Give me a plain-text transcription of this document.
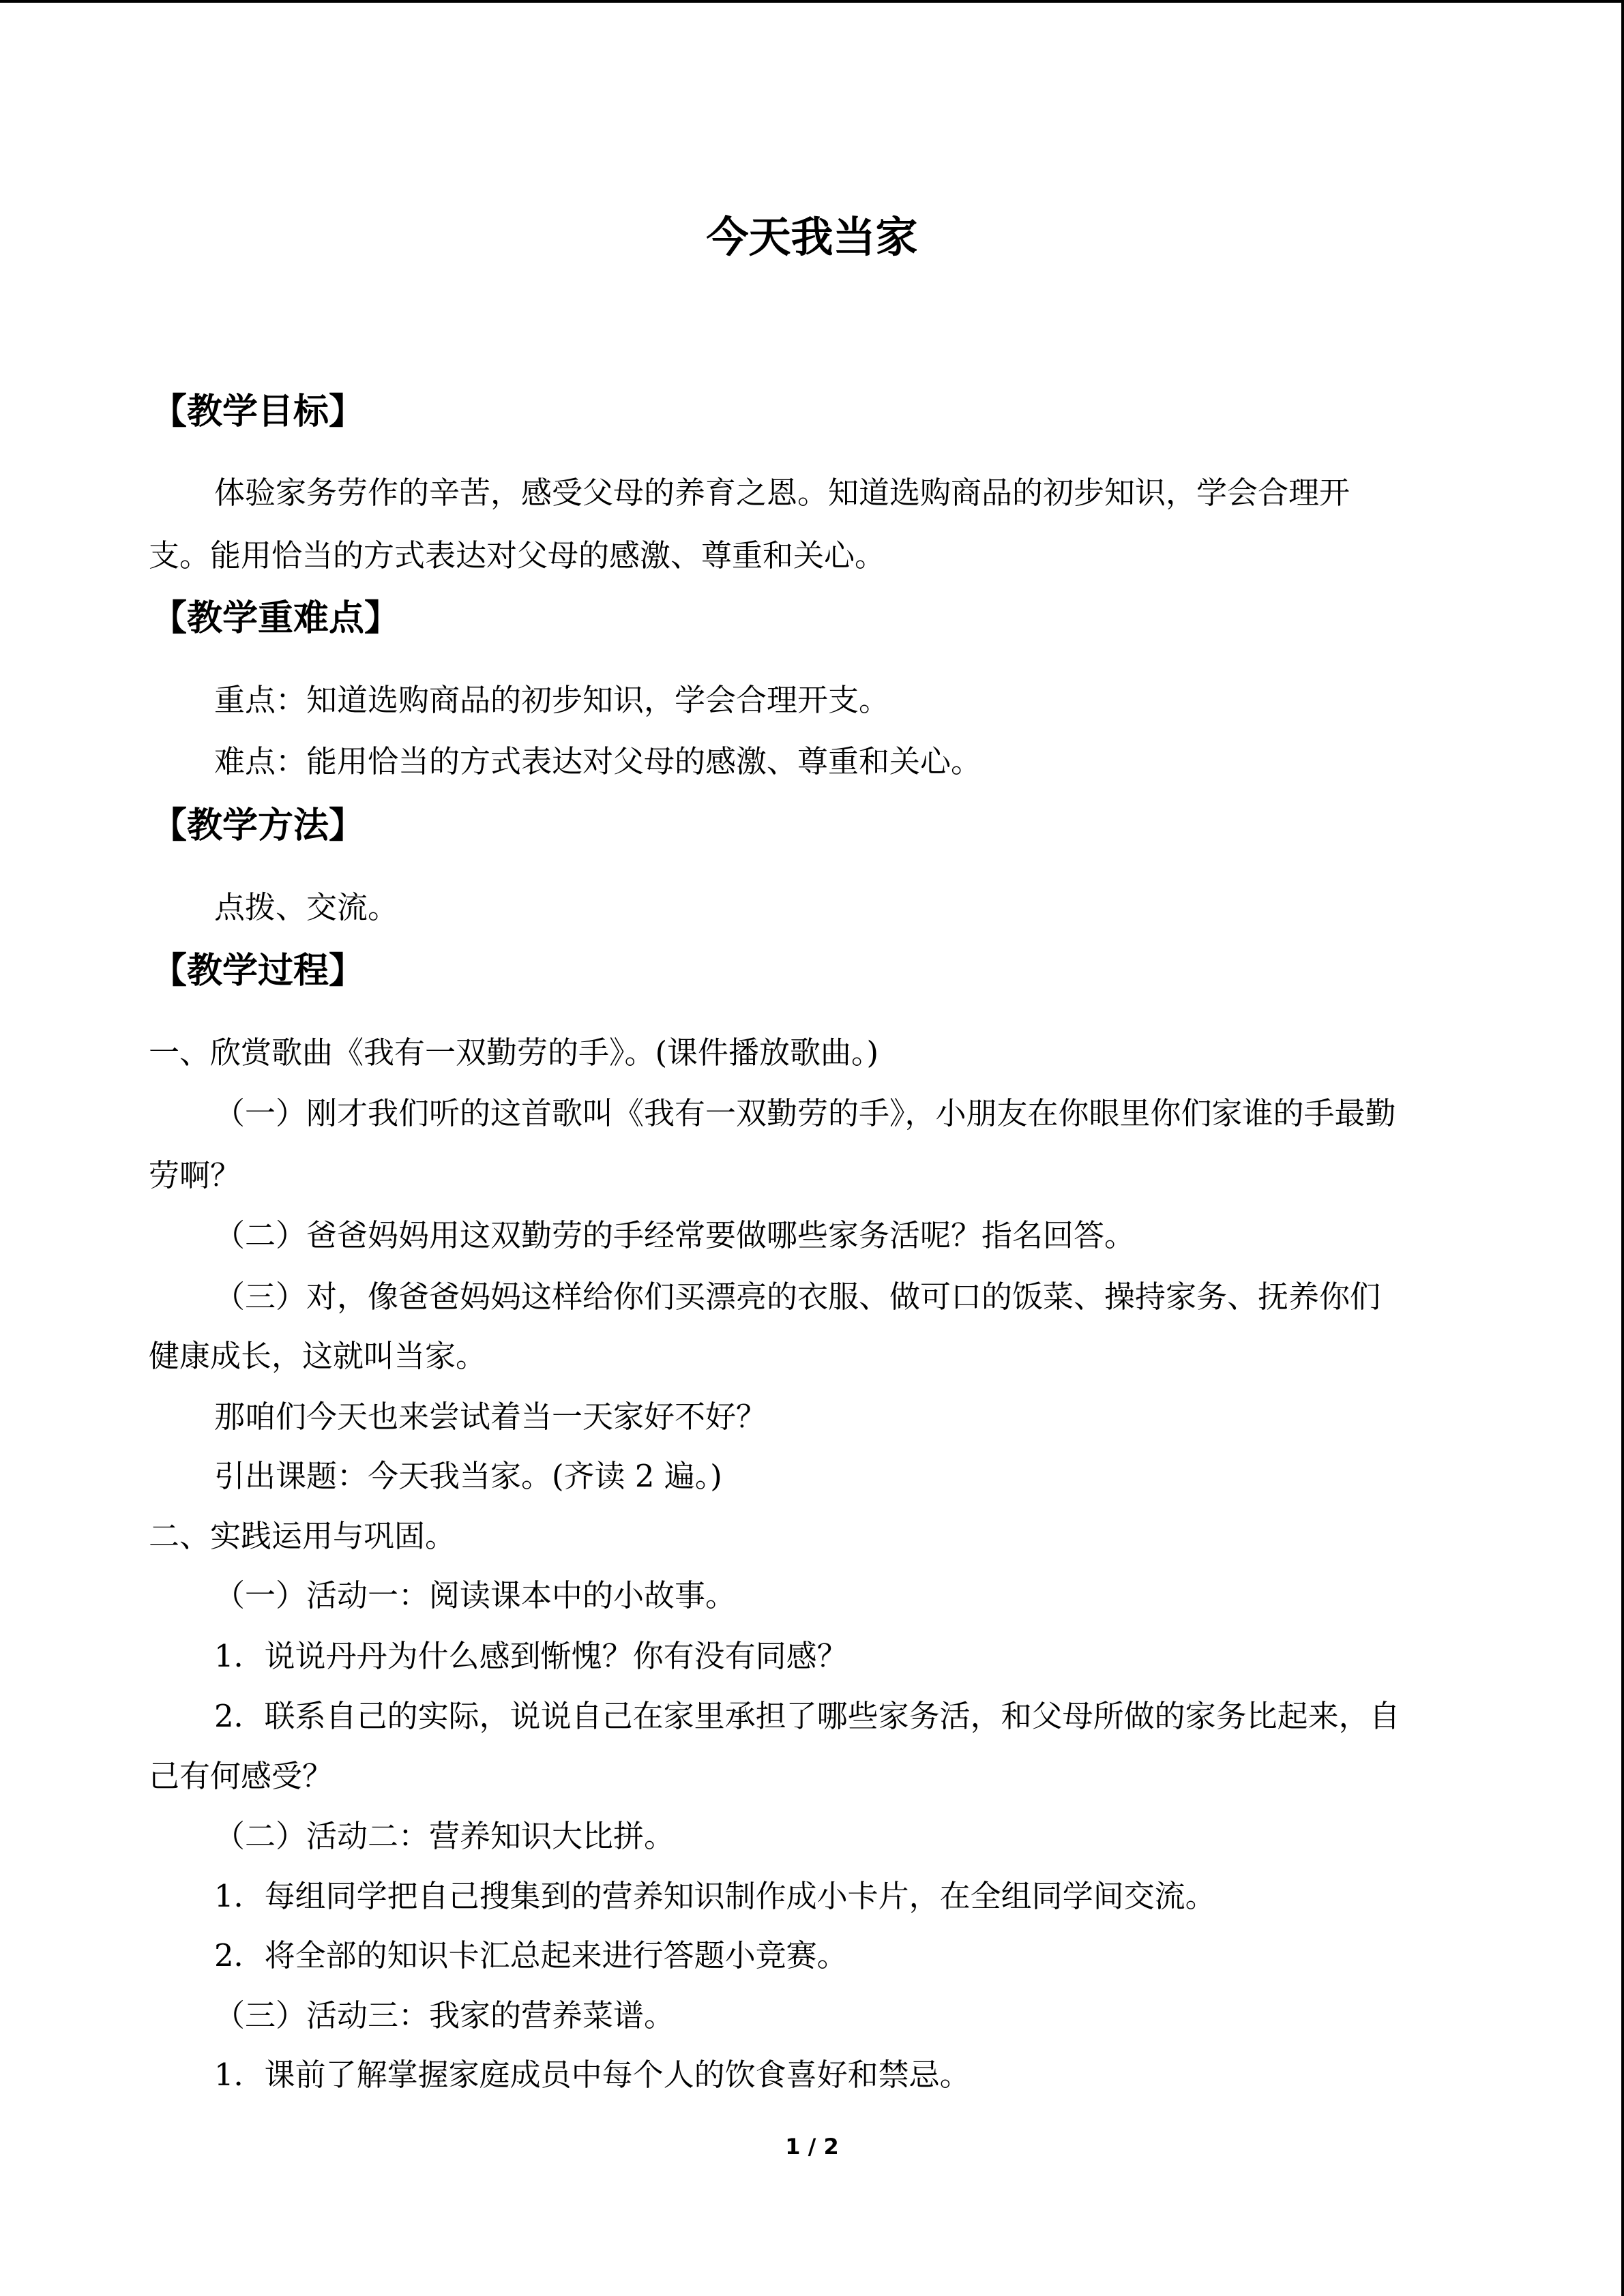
今天我当家
【教学目标】
体验家务劳作的辛苦，感受父母的养育之恩。知道选购商品的初步知识，学会合理开
支。能用恰当的方式表达对父母的感激、尊重和关心。
【教学重难点】
重点：知道选购商品的初步知识，学会合理开支。
难点：能用恰当的方式表达对父母的感激、尊重和关心。
【教学方法】
点拨、交流。
【教学过程】
一、欣赏歌曲《我有一双勤劳的手》。(课件播放歌曲。)
（一）刚才我们听的这首歌叫《我有一双勤劳的手》，小朋友在你眼里你们家谁的手最勤
劳啊？
（二）爸爸妈妈用这双勤劳的手经常要做哪些家务活呢？指名回答。
（三）对，像爸爸妈妈这样给你们买漂亮的衣服、做可口的饭菜、操持家务、抚养你们
健康成长，这就叫当家。
那咱们今天也来尝试着当一天家好不好？
引出课题：今天我当家。(齐读 2 遍。)
二、实践运用与巩固。
（一）活动一：阅读课本中的小故事。
1．说说丹丹为什么感到惭愧？你有没有同感？
2．联系自己的实际，说说自己在家里承担了哪些家务活，和父母所做的家务比起来，自
己有何感受？
（二）活动二：营养知识大比拼。
1．每组同学把自己搜集到的营养知识制作成小卡片，在全组同学间交流。
2．将全部的知识卡汇总起来进行答题小竞赛。
（三）活动三：我家的营养菜谱。
1．课前了解掌握家庭成员中每个人的饮食喜好和禁忌。
1 / 2
